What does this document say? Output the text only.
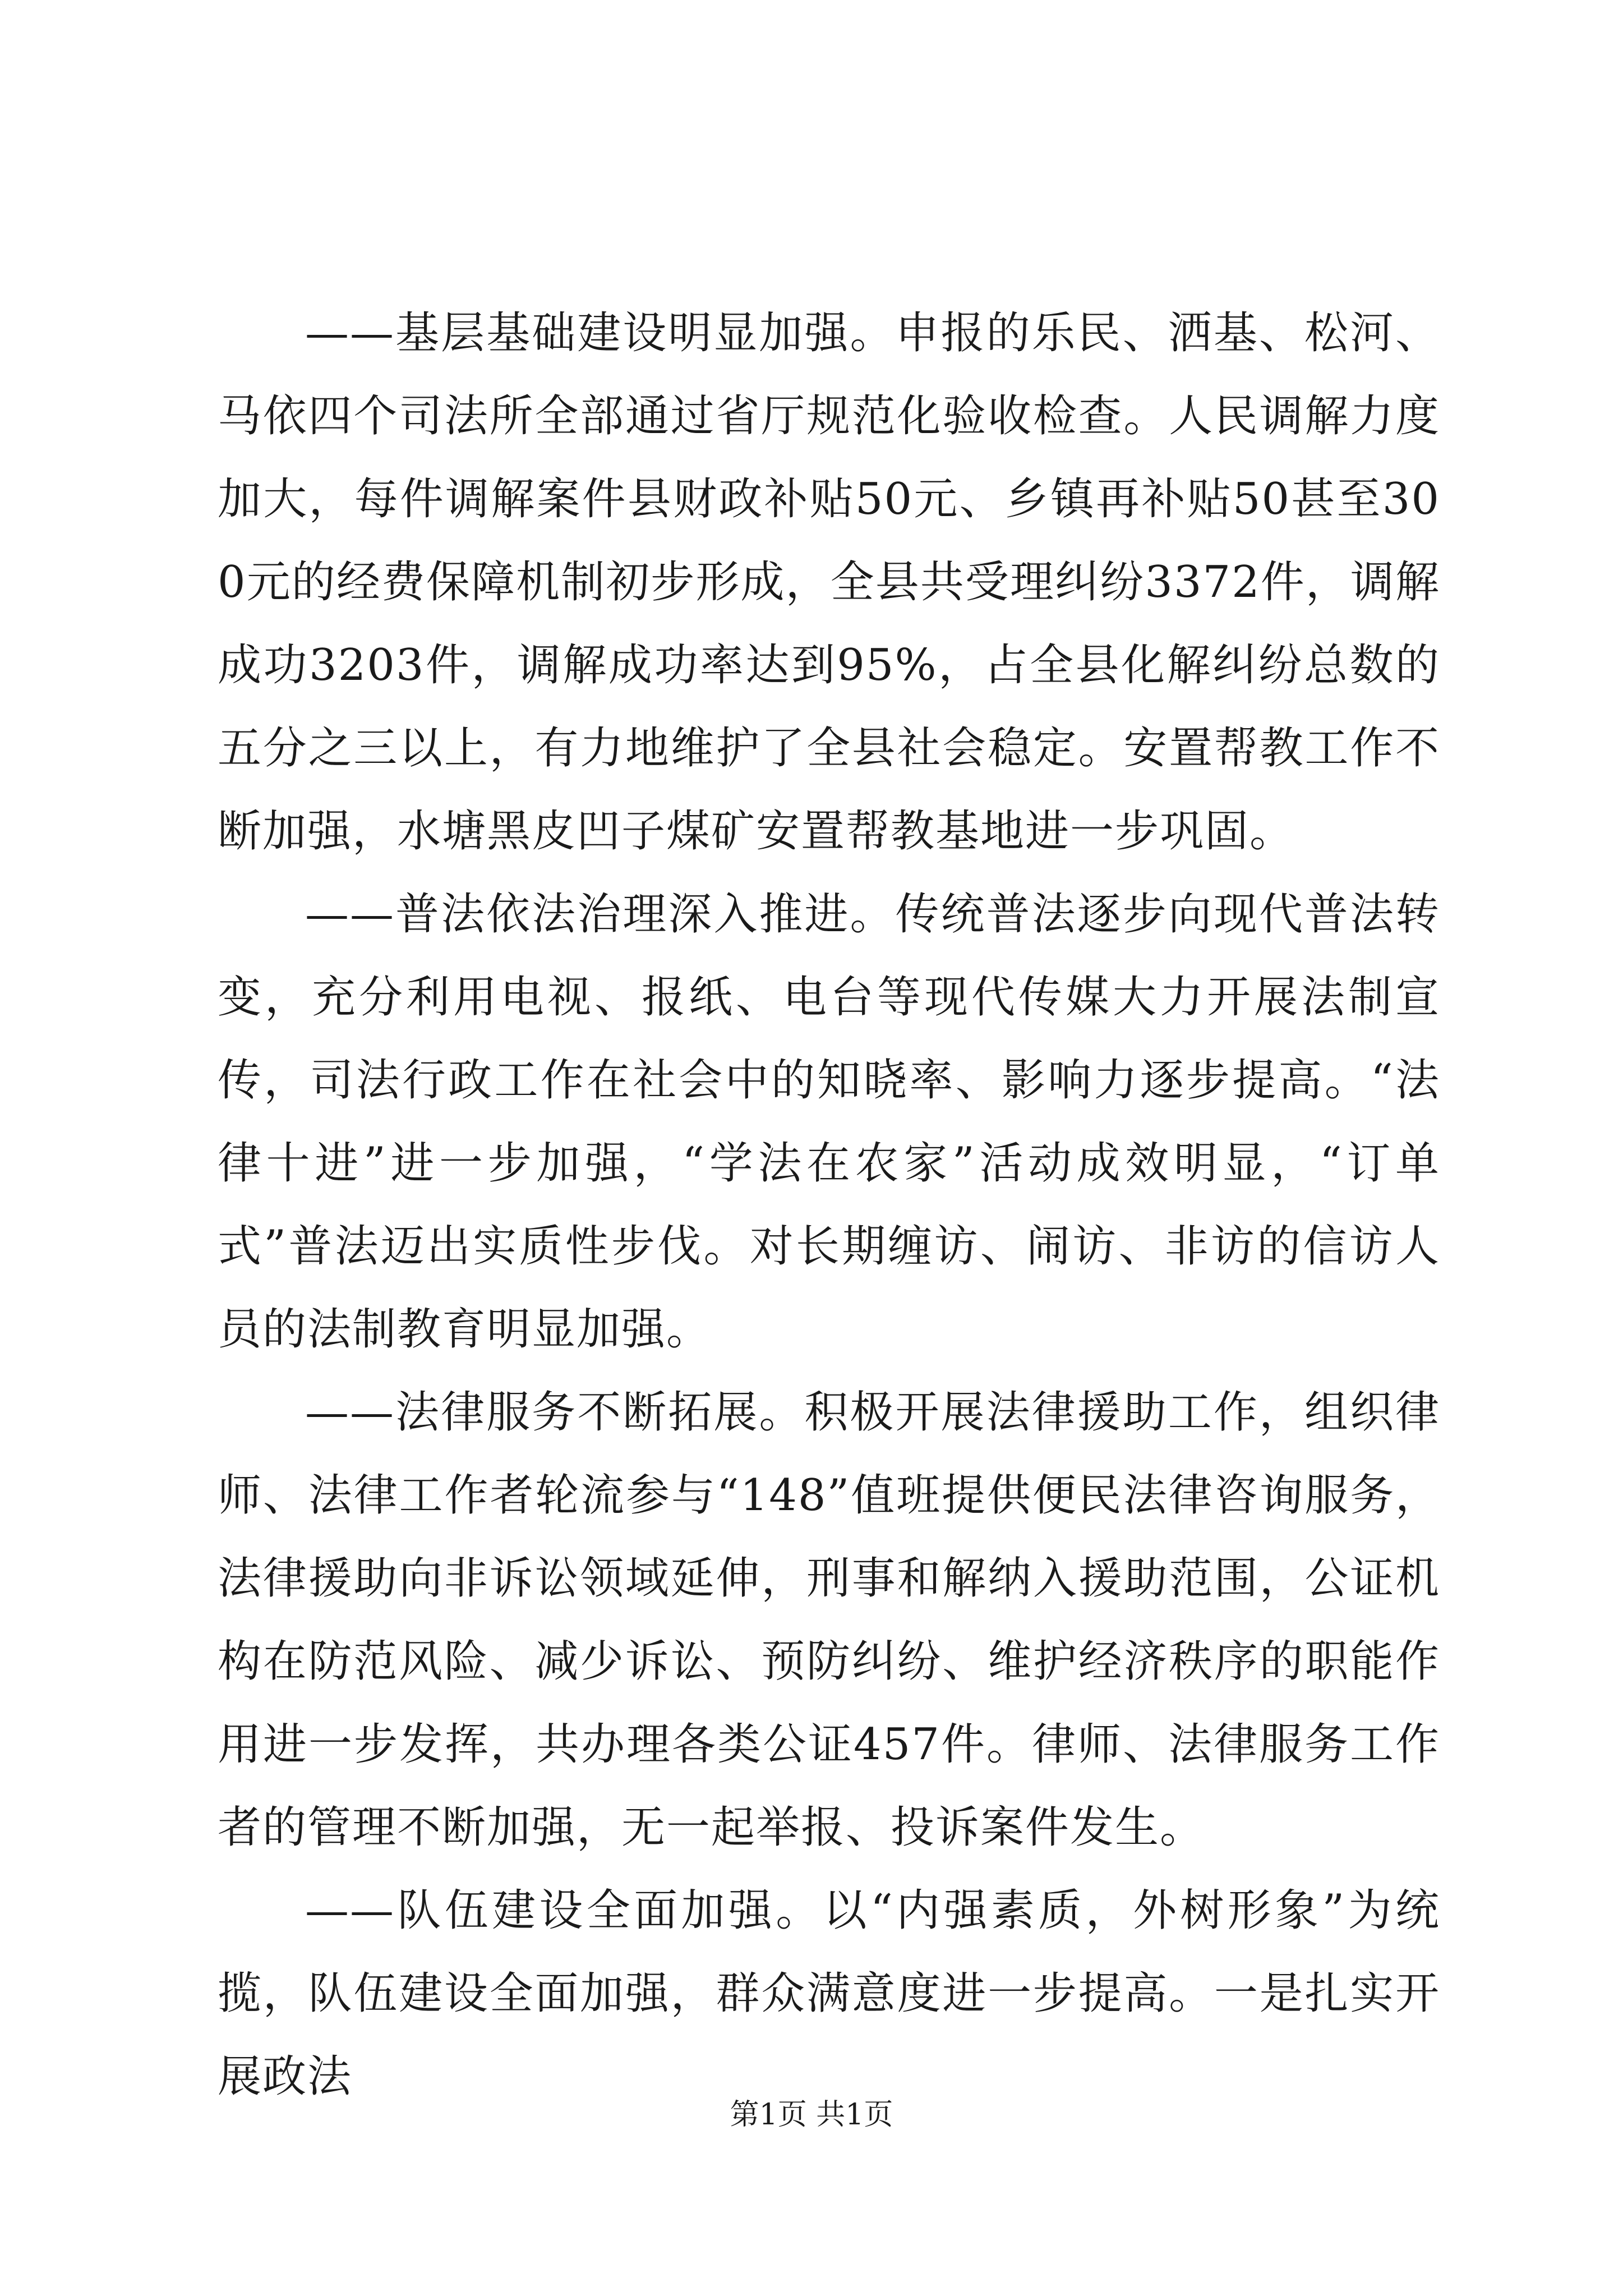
——基层基础建设明显加强。申报的乐民、洒基、松河、马依四个司法所全部通过省厅规范化验收检查。人民调解力度加大，每件调解案件县财政补贴50元、乡镇再补贴50甚至300元的经费保障机制初步形成，全县共受理纠纷3372件，调解成功3203件，调解成功率达到95%，占全县化解纠纷总数的五分之三以上，有力地维护了全县社会稳定。安置帮教工作不断加强，水塘黑皮凹子煤矿安置帮教基地进一步巩固。

——普法依法治理深入推进。传统普法逐步向现代普法转变，充分利用电视、报纸、电台等现代传媒大力开展法制宣传，司法行政工作在社会中的知晓率、影响力逐步提高。“法律十进”进一步加强，“学法在农家”活动成效明显，“订单式”普法迈出实质性步伐。对长期缠访、闹访、非访的信访人员的法制教育明显加强。

——法律服务不断拓展。积极开展法律援助工作，组织律师、法律工作者轮流参与“148”值班提供便民法律咨询服务，法律援助向非诉讼领域延伸，刑事和解纳入援助范围，公证机构在防范风险、减少诉讼、预防纠纷、维护经济秩序的职能作用进一步发挥，共办理各类公证457件。律师、法律服务工作者的管理不断加强，无一起举报、投诉案件发生。

——队伍建设全面加强。以“内强素质，外树形象”为统揽，队伍建设全面加强，群众满意度进一步提高。一是扎实开展政法

第1页 共1页
